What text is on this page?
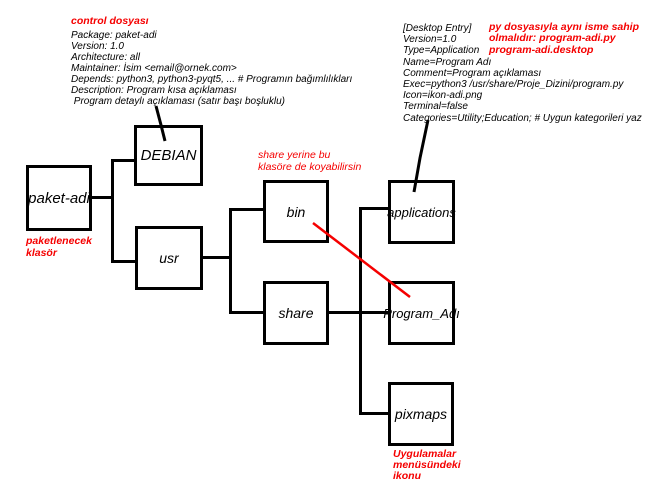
paket-adi
DEBIAN
usr
bin
share
applications
Program_Adı
pixmaps
control dosyası
Package: paket-adi
Version: 1.0
Architecture: all
Maintainer: İsim <email@ornek.com>
Depends: python3, python3-pyqt5, ... # Programın bağımlılıkları
Description: Program kısa açıklaması
Program detaylı açıklaması (satır başı boşluklu)
[Desktop Entry]
Version=1.0
Type=Application
Name=Program Adı
Comment=Program açıklaması
Exec=python3 /usr/share/Proje_Dizini/program.py
Icon=ikon-adi.png
Terminal=false
Categories=Utility;Education; # Uygun kategorileri yaz
py dosyasıyla aynı isme sahip
olmalıdır: program-adi.py
program-adi.desktop
paketlenecek
klasör
share yerine bu
klasöre de koyabilirsin
Uygulamalar
menüsündeki
ikonu
